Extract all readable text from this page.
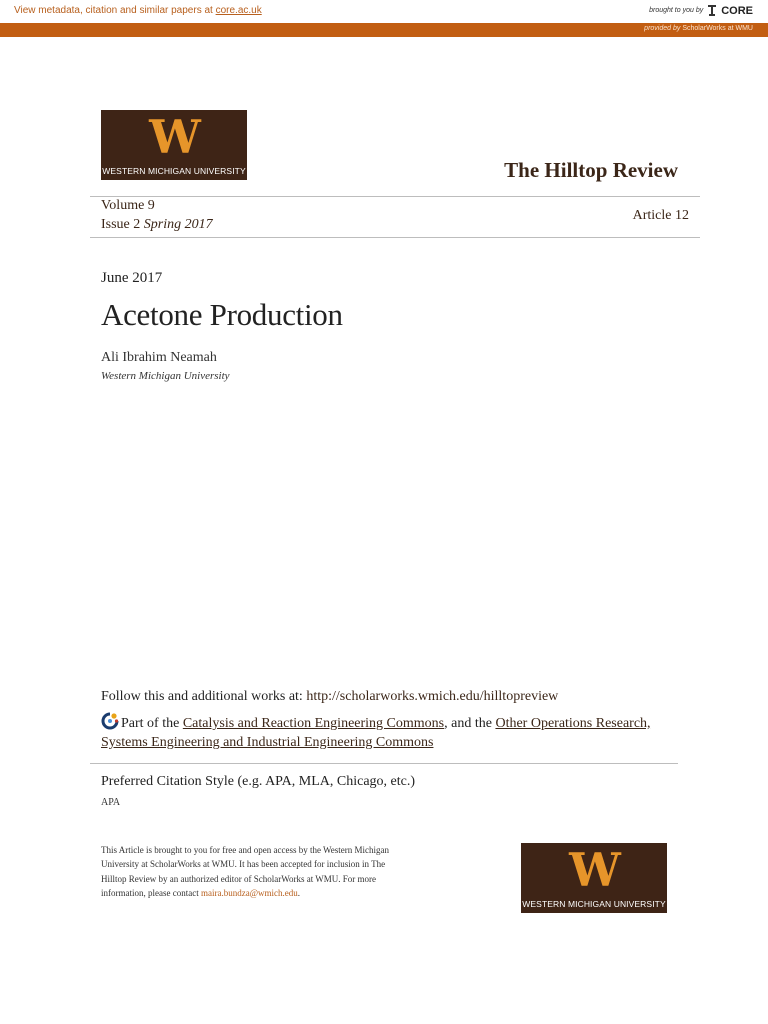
View metadata, citation and similar papers at core.ac.uk	brought to you by CORE
provided by ScholarWorks at WMU
W
WESTERN MICHIGAN UNIVERSITY	The Hilltop Review
Volume 9
Issue 2 Spring 2017
Article 12
June 2017
Acetone Production
Ali Ibrahim Neamah
Western Michigan University
Follow this and additional works at: http://scholarworks.wmich.edu/hilltopreview
Part of the Catalysis and Reaction Engineering Commons, and the Other Operations Research, Systems Engineering and Industrial Engineering Commons
Preferred Citation Style (e.g. APA, MLA, Chicago, etc.)
APA
This Article is brought to you for free and open access by the Western Michigan University at ScholarWorks at WMU. It has been accepted for inclusion in The Hilltop Review by an authorized editor of ScholarWorks at WMU. For more information, please contact maira.bundza@wmich.edu.	W
WESTERN MICHIGAN UNIVERSITY
